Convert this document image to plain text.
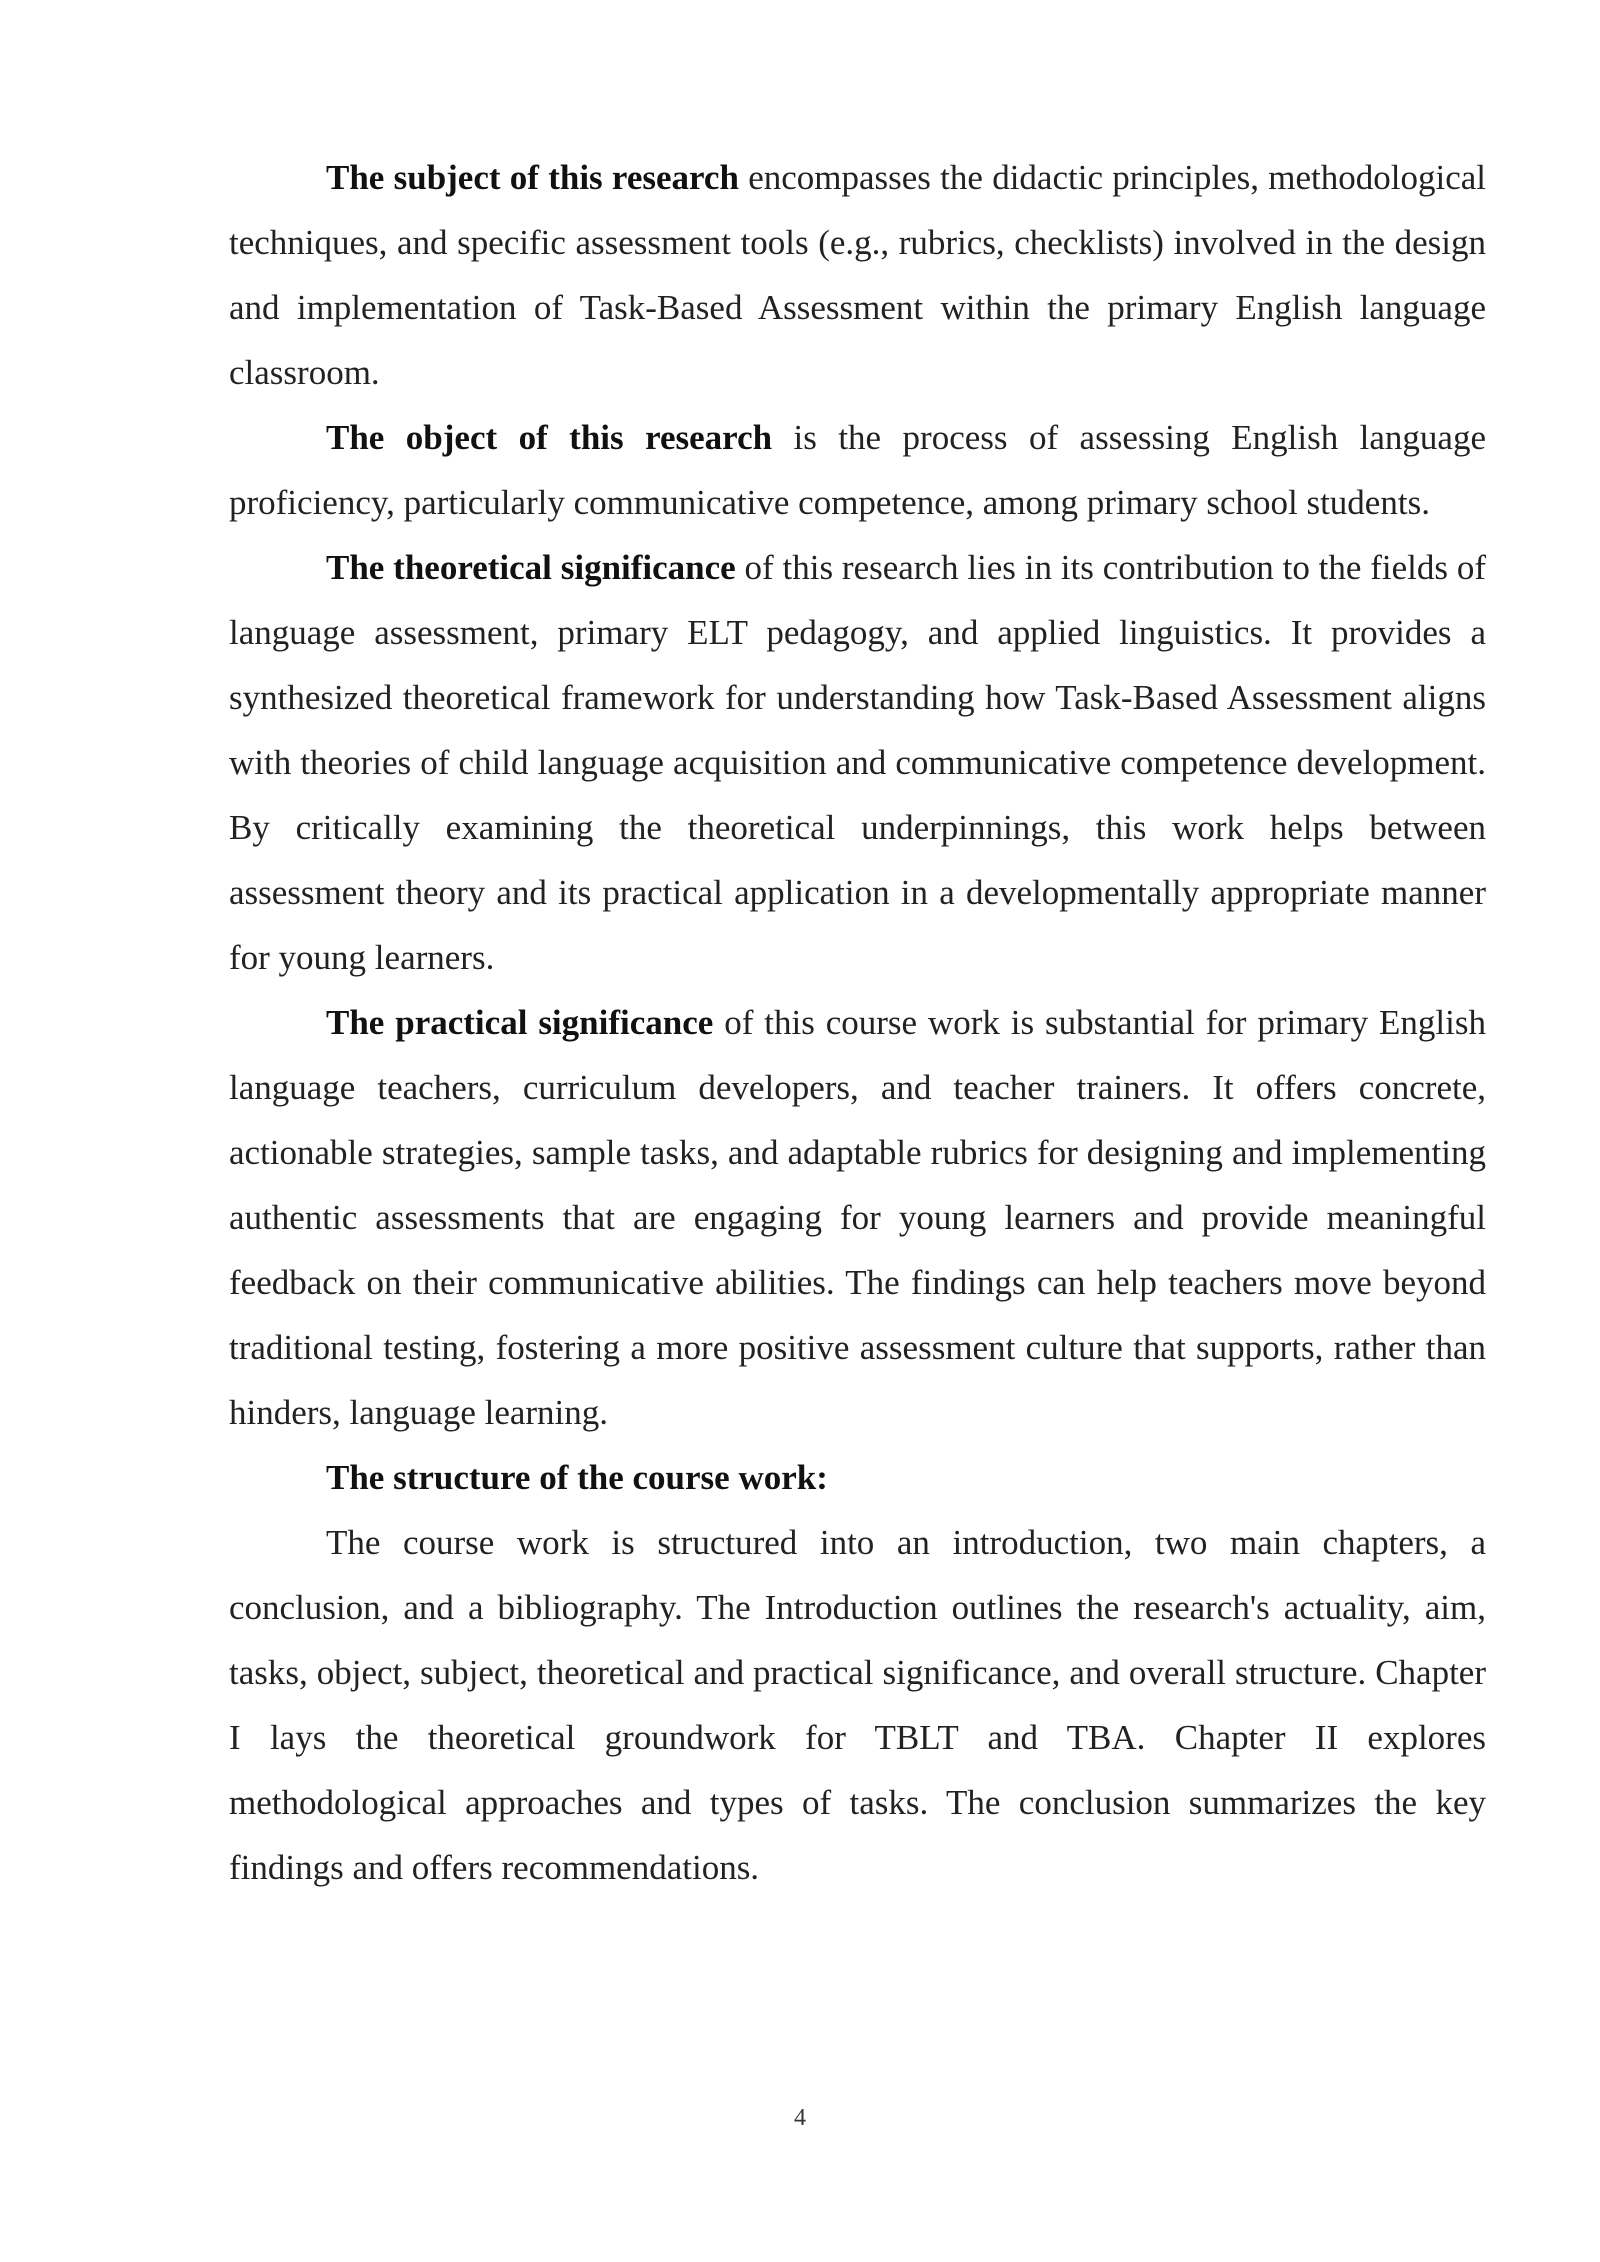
The subject of this research encompasses the didactic principles, methodological techniques, and specific assessment tools (e.g., rubrics, checklists) involved in the design and implementation of Task-Based Assessment within the primary English language classroom.

The object of this research is the process of assessing English language proficiency, particularly communicative competence, among primary school students.

The theoretical significance of this research lies in its contribution to the fields of language assessment, primary ELT pedagogy, and applied linguistics. It provides a synthesized theoretical framework for understanding how Task-Based Assessment aligns with theories of child language acquisition and communicative competence development. By critically examining the theoretical underpinnings, this work helps between assessment theory and its practical application in a developmentally appropriate manner for young learners.

The practical significance of this course work is substantial for primary English language teachers, curriculum developers, and teacher trainers. It offers concrete, actionable strategies, sample tasks, and adaptable rubrics for designing and implementing authentic assessments that are engaging for young learners and provide meaningful feedback on their communicative abilities. The findings can help teachers move beyond traditional testing, fostering a more positive assessment culture that supports, rather than hinders, language learning.

The structure of the course work:

The course work is structured into an introduction, two main chapters, a conclusion, and a bibliography. The Introduction outlines the research's actuality, aim, tasks, object, subject, theoretical and practical significance, and overall structure. Chapter I lays the theoretical groundwork for TBLT and TBA. Chapter II explores methodological approaches and types of tasks. The conclusion summarizes the key findings and offers recommendations.

4
